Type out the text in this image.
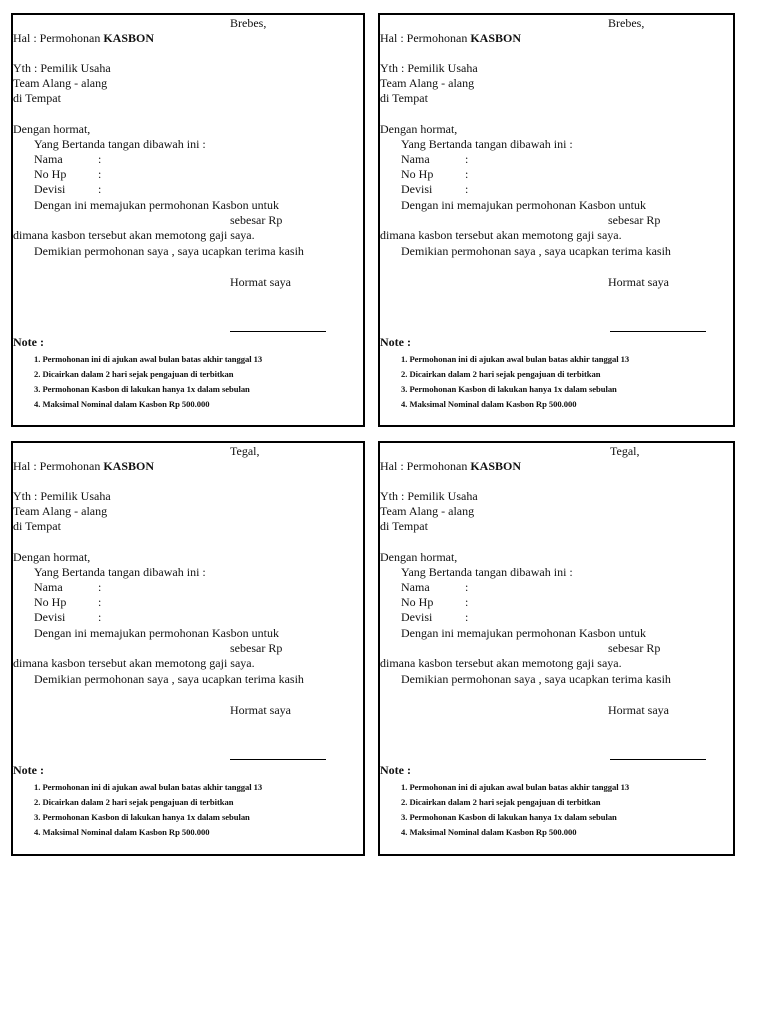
Brebes,
Hal : Permohonan KASBON
Yth : Pemilik Usaha
Team Alang - alang
di Tempat
Dengan hormat,
Yang Bertanda tangan dibawah ini :
Nama	:
No Hp	:
Devisi	:
Dengan ini memajukan permohonan Kasbon untuk
sebesar Rp
dimana kasbon tersebut akan memotong gaji saya.
Demikian permohonan saya , saya ucapkan terima kasih
Hormat saya
Note :
1. Permohonan ini di ajukan awal bulan batas akhir tanggal 13
2. Dicairkan dalam 2 hari sejak pengajuan di terbitkan
3. Permohonan Kasbon di lakukan hanya 1x dalam sebulan
4. Maksimal Nominal dalam Kasbon Rp 500.000
Brebes,
Hal : Permohonan KASBON
Yth : Pemilik Usaha
Team Alang - alang
di Tempat
Dengan hormat,
Yang Bertanda tangan dibawah ini :
Nama	:
No Hp	:
Devisi	:
Dengan ini memajukan permohonan Kasbon untuk
sebesar Rp
dimana kasbon tersebut akan memotong gaji saya.
Demikian permohonan saya , saya ucapkan terima kasih
Hormat saya
Note :
1. Permohonan ini di ajukan awal bulan batas akhir tanggal 13
2. Dicairkan dalam 2 hari sejak pengajuan di terbitkan
3. Permohonan Kasbon di lakukan hanya 1x dalam sebulan
4. Maksimal Nominal dalam Kasbon Rp 500.000
Tegal,
Hal : Permohonan KASBON
Yth : Pemilik Usaha
Team Alang - alang
di Tempat
Dengan hormat,
Yang Bertanda tangan dibawah ini :
Nama	:
No Hp	:
Devisi	:
Dengan ini memajukan permohonan Kasbon untuk
sebesar Rp
dimana kasbon tersebut akan memotong gaji saya.
Demikian permohonan saya , saya ucapkan terima kasih
Hormat saya
Note :
1. Permohonan ini di ajukan awal bulan batas akhir tanggal 13
2. Dicairkan dalam 2 hari sejak pengajuan di terbitkan
3. Permohonan Kasbon di lakukan hanya 1x dalam sebulan
4. Maksimal Nominal dalam Kasbon Rp 500.000
Tegal,
Hal : Permohonan KASBON
Yth : Pemilik Usaha
Team Alang - alang
di Tempat
Dengan hormat,
Yang Bertanda tangan dibawah ini :
Nama	:
No Hp	:
Devisi	:
Dengan ini memajukan permohonan Kasbon untuk
sebesar Rp
dimana kasbon tersebut akan memotong gaji saya.
Demikian permohonan saya , saya ucapkan terima kasih
Hormat saya
Note :
1. Permohonan ini di ajukan awal bulan batas akhir tanggal 13
2. Dicairkan dalam 2 hari sejak pengajuan di terbitkan
3. Permohonan Kasbon di lakukan hanya 1x dalam sebulan
4. Maksimal Nominal dalam Kasbon Rp 500.000
